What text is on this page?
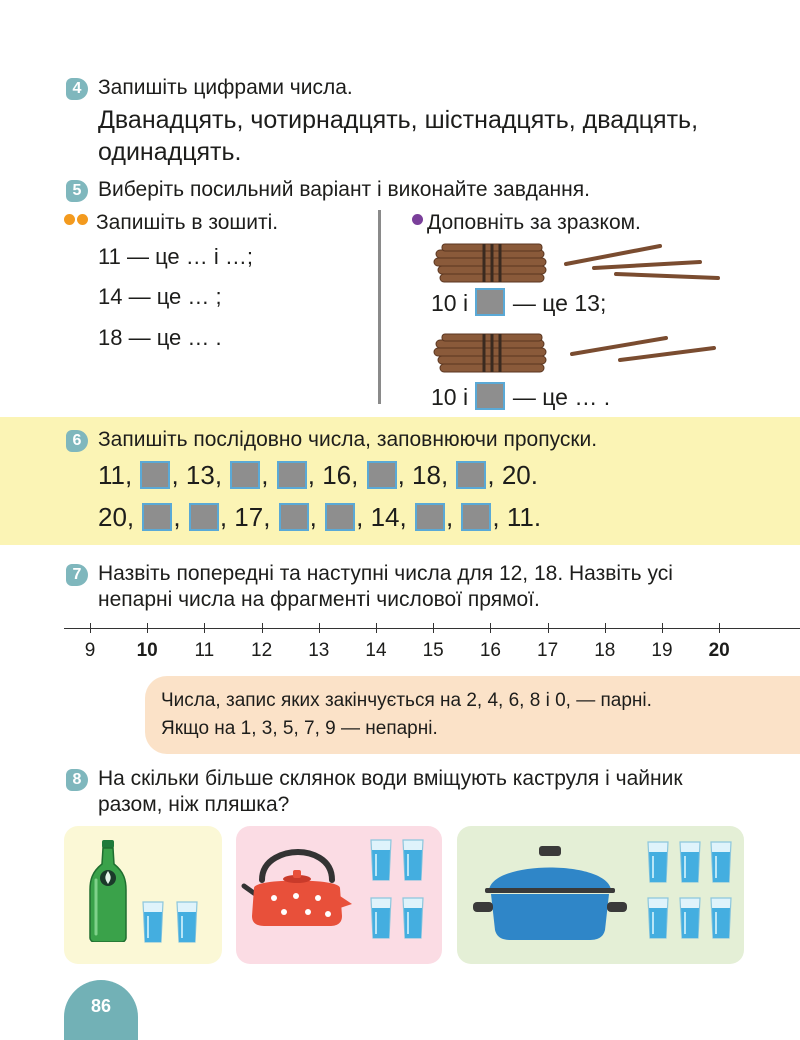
4 Запишіть цифрами числа.
Дванадцять, чотирнадцять, шістнадцять, двадцять,
одинадцять.
5 Виберіть посильний варіант і виконайте завдання.
Запишіть в зошиті.
11 — це … і …;
14 — це … ;
18 — це … .
Доповніть за зразком.
10 і — це 13;
10 і — це … .
6 Запишіть послідовно числа, заповнюючи пропуски.
11, , 13, , , 16, , 18, , 20.
20, , , 17, , , 14, , , 11.
7 Назвіть попередні та наступні числа для 12, 18. Назвіть усі
непарні числа на фрагменті числової прямої.
9	10	11	12	13	14	15	16	17	18	19	20
Числа, запис яких закінчується на 2, 4, 6, 8 і 0, — парні.
Якщо на 1, 3, 5, 7, 9 — непарні.
8 На скільки більше склянок води вміщують каструля і чайник
разом, ніж пляшка?
86
